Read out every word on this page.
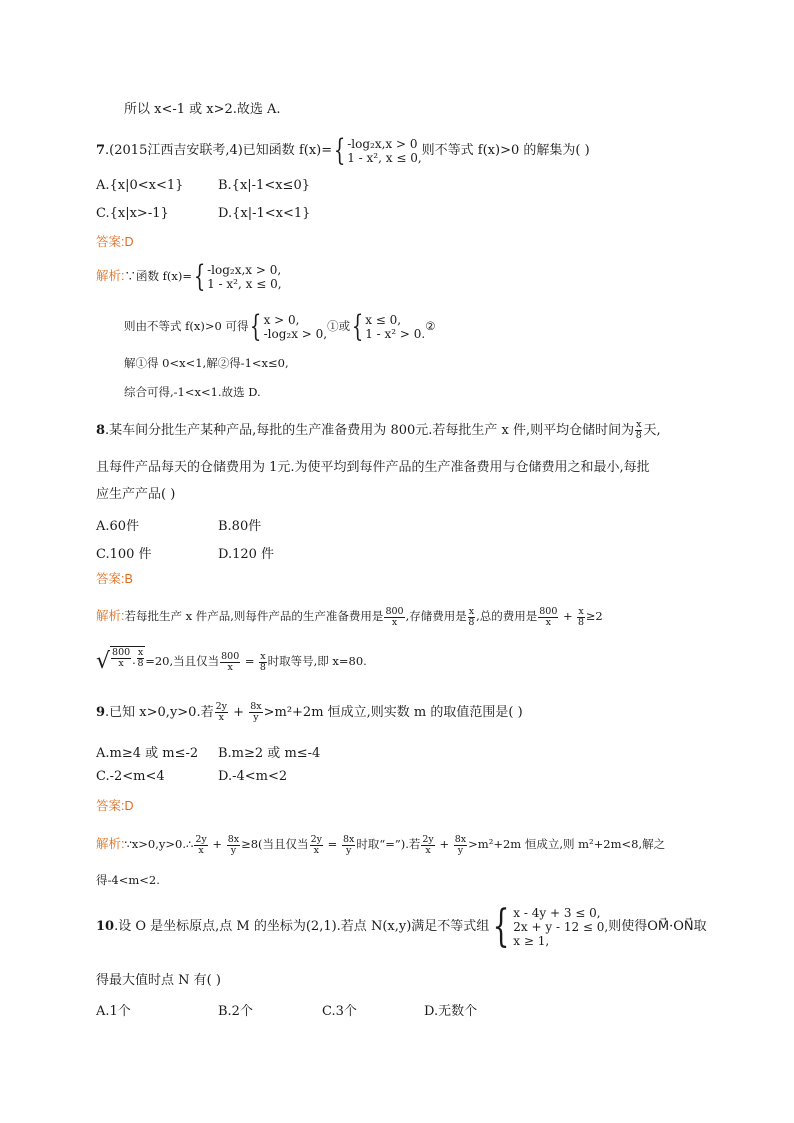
所以 x<-1 或 x>2.故选 A.
7.(2015江西吉安联考,4)已知函数 f(x)={ -log₂x,x > 0
1 - x², x ≤ 0,则不等式 f(x)>0 的解集为( )
A.{x|0<x<1}	B.{x|-1<x≤0}
C.{x|x>-1}	D.{x|-1<x<1}
答案:D
解析:∵函数 f(x)={ -log₂x,x > 0,
1 - x², x ≤ 0,
则由不等式 f(x)>0 可得{ x > 0,
-log₂x > 0,①或{ x ≤ 0,
1 - x² > 0.②
解①得 0<x<1,解②得-1<x≤0,
综合可得,-1<x<1.故选 D.
8.某车间分批生产某种产品,每批的生产准备费用为 800元.若每批生产 x 件,则平均仓储时间为 $\frac{x}{8}$ 天,
且每件产品每天的仓储费用为 1元.为使平均到每件产品的生产准备费用与仓储费用之和最小,每批
应生产产品( )
A.60件	B.80件
C.100 件	D.120 件
答案:B
解析:若每批生产 x 件产品,则每件产品的生产准备费用是 $\frac{800}{x}$ ,存储费用是 $\frac{x}{8}$ ,总的费用是 $\frac{800}{x} + \frac{x}{8} \ge 2$
√ $\frac{800}{x} \cdot \frac{x}{8} =20$,当且仅当 $\frac{800}{x} = \frac{x}{8}$ 时取等号,即 x=80.
9.已知 x>0,y>0.若 $\frac{2y}{x} + \frac{8x}{y} >m^2+2m$ 恒成立,则实数 m 的取值范围是( )
A.m≥4 或 m≤-2 B.m≥2 或 m≤-4
C.-2<m<4	D.-4<m<2
答案:D
解析:∵x>0,y>0.∴ $\frac{2y}{x} + \frac{8x}{y} \ge 8$(当且仅当 $\frac{2y}{x} = \frac{8x}{y}$ 时取“=”).若 $\frac{2y}{x} + \frac{8x}{y} >m^2+2m$ 恒成立,则 m²+2m<8,解之
得-4<m<2.
10.设 O 是坐标原点,点 M 的坐标为(2,1).若点 N(x,y)满足不等式组{ x - 4y + 3 ≤ 0,
2x + y - 12 ≤ 0,
x ≥ 1,则使得OM⃗·ON⃗取
得最大值时点 N 有( )
A.1个	B.2个	C.3个	D.无数个
